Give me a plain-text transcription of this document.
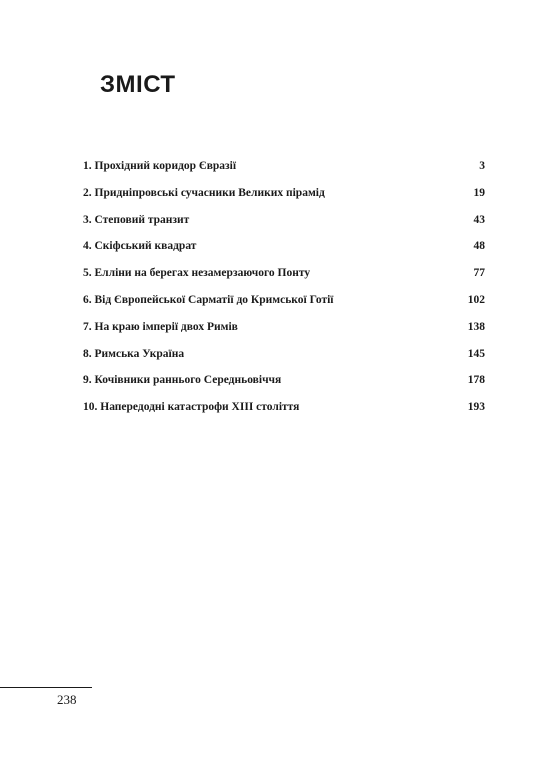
ЗМІСТ
1. Прохідний коридор Євразії	3
2. Придніпровські сучасники Великих пірамід	19
3. Степовий транзит	43
4. Скіфський квадрат	48
5. Елліни на берегах незамерзаючого Понту	77
6. Від Європейської Сарматії до Кримської Готії	102
7. На краю імперії двох Римів	138
8. Римська Україна	145
9. Кочівники раннього Середньовіччя	178
10. Напередодні катастрофи XIII століття	193
238
